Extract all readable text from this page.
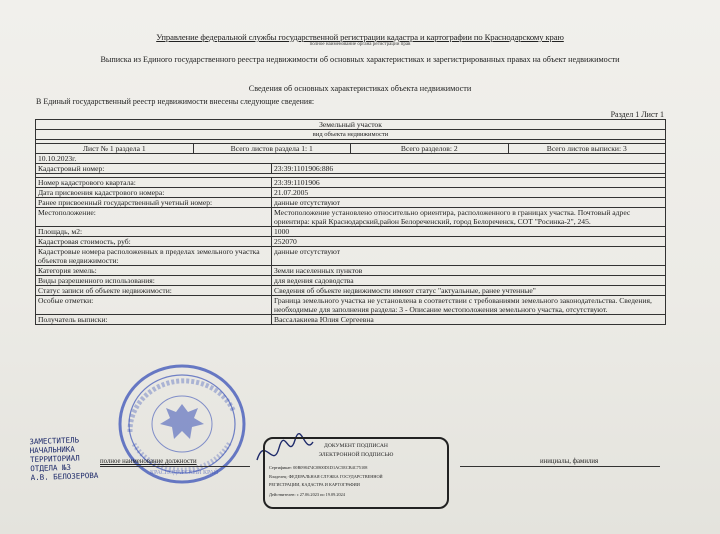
Управление федеральной службы государственной регистрации кадастра и картографии по Краснодарскому краю
полное наименование органа регистрации прав
Выписка из Единого государственного реестра недвижимости об основных характеристиках и зарегистрированных правах на объект недвижимости
Сведения об основных характеристиках объекта недвижимости
В Единый государственный реестр недвижимости внесены следующие сведения:
Раздел 1 Лист 1
Земельный участок
вид объекта недвижимости

Лист № 1 раздела 1	Всего листов раздела 1: 1	Всего разделов: 2	Всего листов выписки: 3

10.10.2023г.
Кадастровый номер:	23:39:1101906:886

Номер кадастрового квартала:	23:39:1101906
Дата присвоения кадастрового номера:	21.07.2005
Ранее присвоенный государственный учетный номер:	данные отсутствуют
Местоположение:	Местоположение установлено относительно ориентира, расположенного в границах участка. Почтовый адрес ориентира: край Краснодарский,район Белореченский, город Белореченск, СОТ "Росинка-2", 245.
Площадь, м2:	1000
Кадастровая стоимость, руб:	252070
Кадастровые номера расположенных в пределах земельного участка объектов недвижимости:	данные отсутствуют
Категория земель:	Земли населенных пунктов
Виды разрешенного использования:	для ведения садоводства
Статус записи об объекте недвижимости:	Сведения об объекте недвижимости имеют статус "актуальные, ранее учтенные"
Особые отметки:	Граница земельного участка не установлена в соответствии с требованиями земельного законодательства. Сведения, необходимые для заполнения раздела: 3 - Описание местоположения земельного участка, отсутствуют.
Получатель выписки:	Вассалакиева Юлия Сергеевна
КРАСНОДАРСКИЙ КРАЙ
ЗАМЕСТИТЕЛЬ
НАЧАЛЬНИКА
ТЕРРИТОРИАЛ
ОТДЕЛА №3
А.В. БЕЛОЗЕРОВА
полное наименование должности	инициалы, фамилия
ДОКУМЕНТ ПОДПИСАН
ЭЛЕКТРОННОЙ ПОДПИСЬЮ
Сертификат: 00B098474С0800D1D1AC5ECВ4С75108
Владелец: ФЕДЕРАЛЬНАЯ СЛУЖБА ГОСУДАРСТВЕННОЙ
РЕГИСТРАЦИИ, КАДАСТРА И КАРТОГРАФИИ
Действителен: с 27.06.2023 по 19.09.2024
